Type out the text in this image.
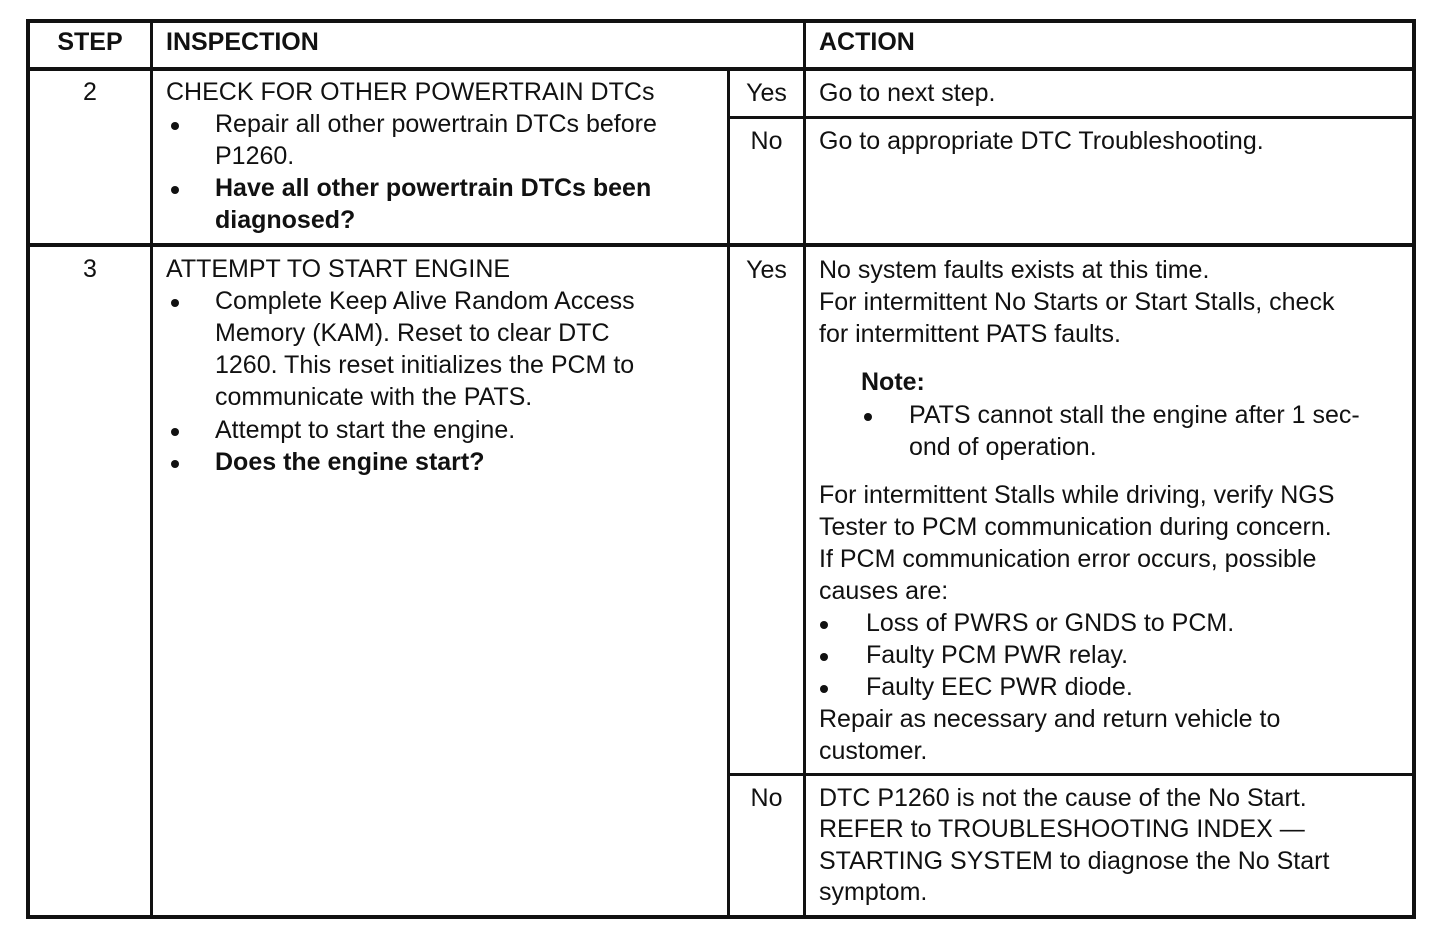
STEP	INSPECTION	ACTION
2	CHECK FOR OTHER POWERTRAIN DTCs
Repair all other powertrain DTCs before
P1260.
Have all other powertrain DTCs been
diagnosed?
Yes	Go to next step.
No	Go to appropriate DTC Troubleshooting.
3	ATTEMPT TO START ENGINE
Complete Keep Alive Random Access
Memory (KAM). Reset to clear DTC
1260. This reset initializes the PCM to
communicate with the PATS.
Attempt to start the engine.
Does the engine start?
Yes	No system faults exists at this time.
For intermittent No Starts or Start Stalls, check
for intermittent PATS faults.
Note:
PATS cannot stall the engine after 1 sec-
ond of operation.
For intermittent Stalls while driving, verify NGS
Tester to PCM communication during concern.
If PCM communication error occurs, possible
causes are:
Loss of PWRS or GNDS to PCM.
Faulty PCM PWR relay.
Faulty EEC PWR diode.
Repair as necessary and return vehicle to
customer.
No	DTC P1260 is not the cause of the No Start.
REFER to TROUBLESHOOTING INDEX —
STARTING SYSTEM to diagnose the No Start
symptom.
